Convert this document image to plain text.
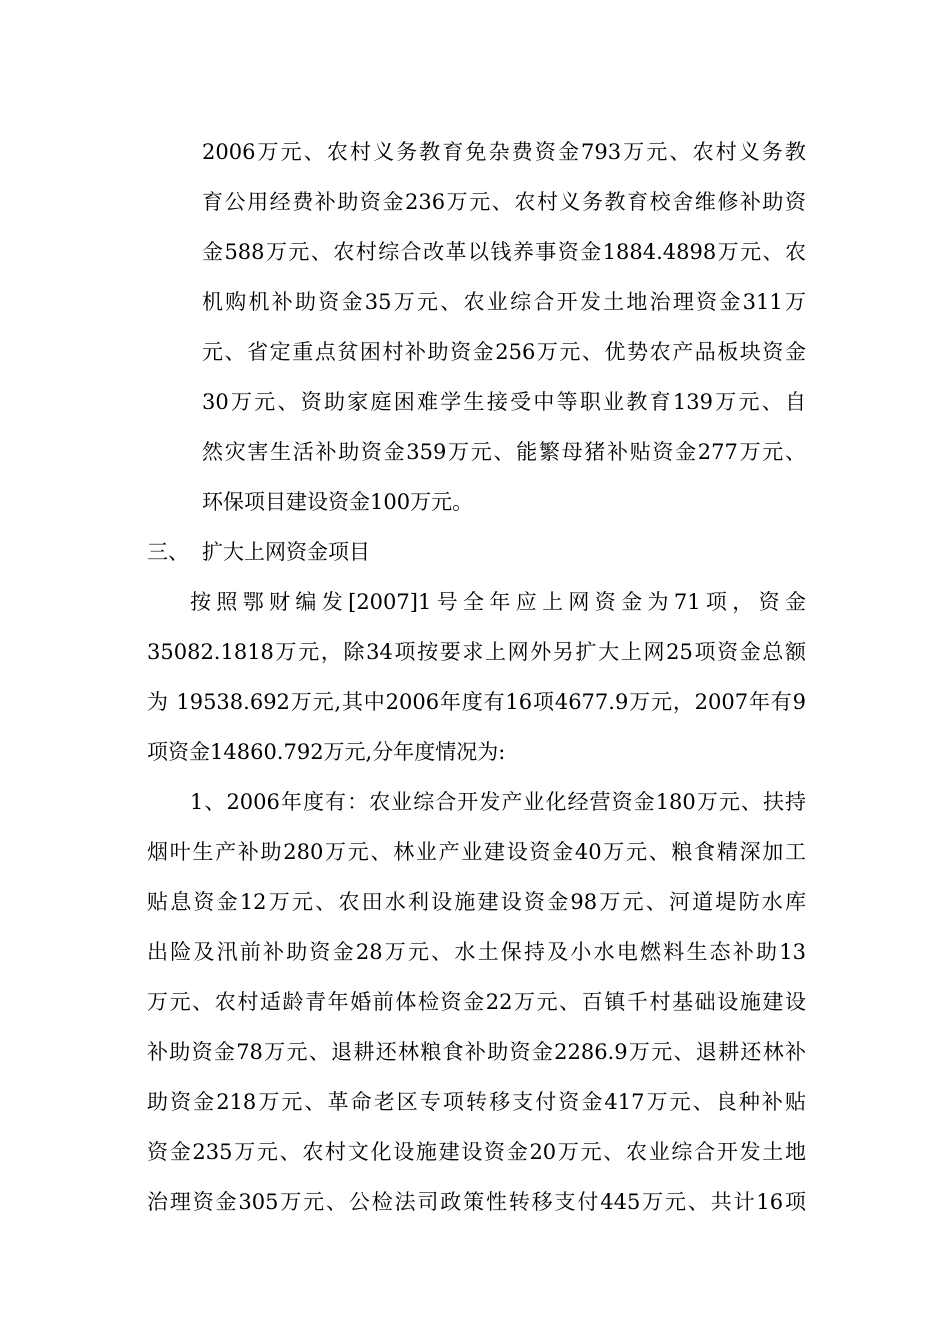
2006万元、农村义务教育免杂费资金793万元、农村义务教
育公用经费补助资金236万元、农村义务教育校舍维修补助资
金588万元、农村综合改革以钱养事资金1884.4898万元、农
机购机补助资金35万元、农业综合开发土地治理资金311万
元、省定重点贫困村补助资金256万元、优势农产品板块资金
30万元、资助家庭困难学生接受中等职业教育139万元、自
然灾害生活补助资金359万元、能繁母猪补贴资金277万元、
环保项目建设资金100万元。
三、 扩大上网资金项目
按照鄂财编发[2007]1号全年应上网资金为71项，资金
35082.1818万元，除34项按要求上网外另扩大上网25项资金总额
为 19538.692万元,其中2006年度有16项4677.9万元，2007年有9
项资金14860.792万元,分年度情况为:
1、2006年度有：农业综合开发产业化经营资金180万元、扶持
烟叶生产补助280万元、林业产业建设资金40万元、粮食精深加工
贴息资金12万元、农田水利设施建设资金98万元、河道堤防水库
出险及汛前补助资金28万元、水土保持及小水电燃料生态补助13
万元、农村适龄青年婚前体检资金22万元、百镇千村基础设施建设
补助资金78万元、退耕还林粮食补助资金2286.9万元、退耕还林补
助资金218万元、革命老区专项转移支付资金417万元、良种补贴
资金235万元、农村文化设施建设资金20万元、农业综合开发土地
治理资金305万元、公检法司政策性转移支付445万元、共计16项
